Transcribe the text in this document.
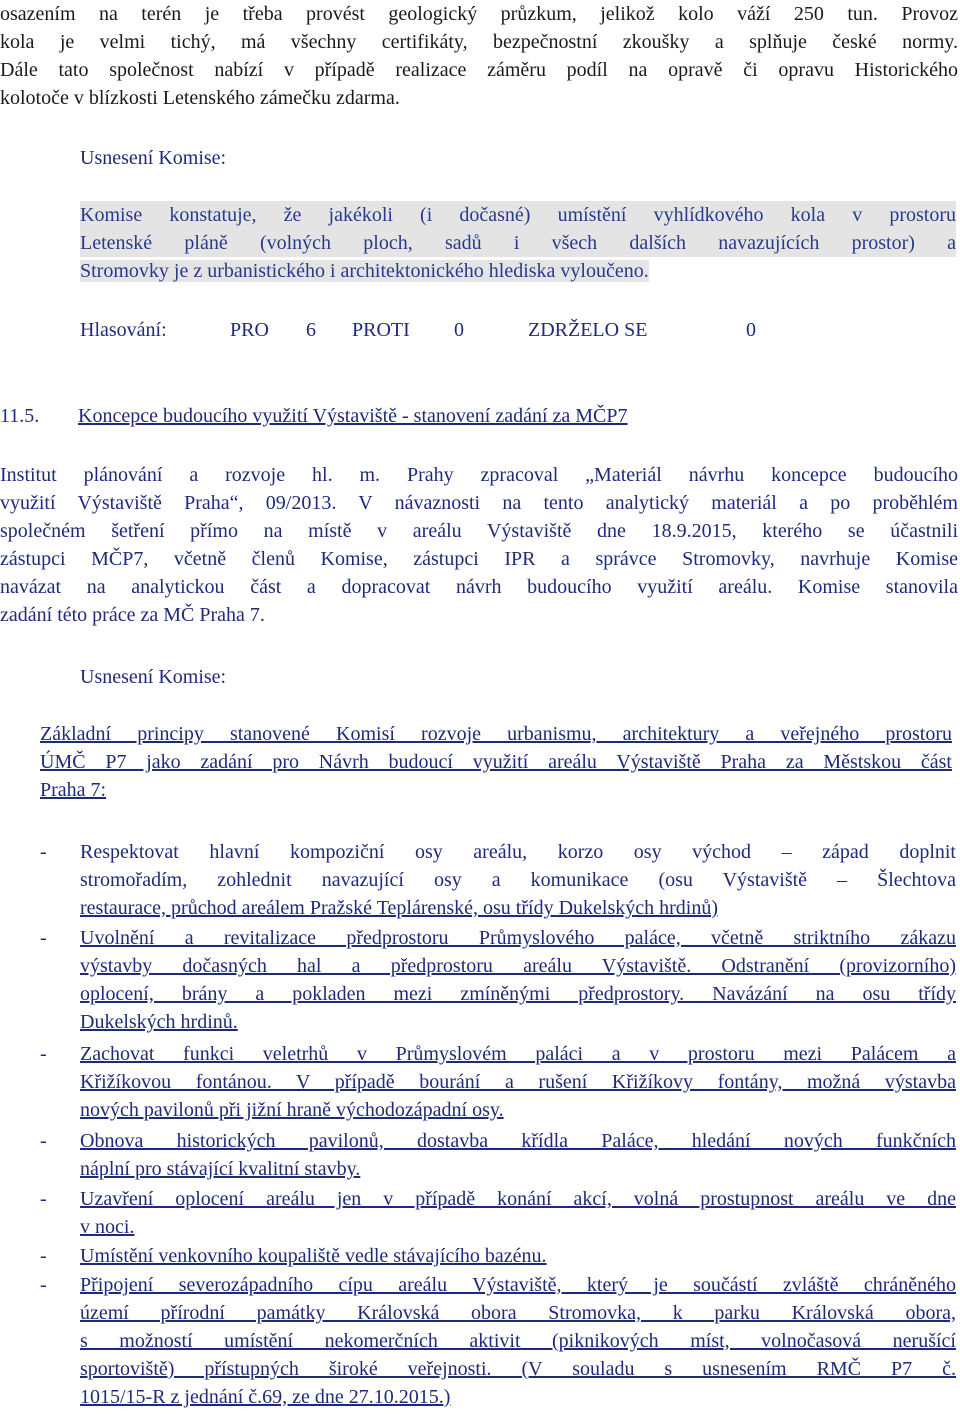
osazením na terén je třeba provést geologický průzkum, jelikož kolo váží 250 tun. Provoz
kola je velmi tichý, má všechny certifikáty, bezpečnostní zkoušky a splňuje české normy.
Dále tato společnost nabízí v případě realizace záměru podíl na opravě či opravu Historického
kolotoče v blízkosti Letenského zámečku zdarma.
Usnesení Komise:
Komise konstatuje, že jakékoli (i dočasné) umístění vyhlídkového kola v prostoru
Letenské pláně (volných ploch, sadů i všech dalších navazujících prostor) a
Stromovky je z urbanistického i architektonického hlediska vyloučeno.
Hlasování:	PRO 6 PROTI 0	ZDRŽELO SE	0
11.5. Koncepce budoucího využití Výstaviště - stanovení zadání za MČP7
Institut plánování a rozvoje hl. m. Prahy zpracoval „Materiál návrhu koncepce budoucího
využití Výstaviště Praha“, 09/2013. V návaznosti na tento analytický materiál a po proběhlém
společném šetření přímo na místě v areálu Výstaviště dne 18.9.2015, kterého se účastnili
zástupci MČP7, včetně členů Komise, zástupci IPR a správce Stromovky, navrhuje Komise
navázat na analytickou část a dopracovat návrh budoucího využití areálu. Komise stanovila
zadání této práce za MČ Praha 7.
Usnesení Komise:
Základní principy stanovené Komisí rozvoje urbanismu, architektury a veřejného prostoru
ÚMČ P7 jako zadání pro Návrh budoucí využití areálu Výstaviště Praha za Městskou část
Praha 7:
- Respektovat hlavní kompoziční osy areálu, korzo osy východ – západ doplnit
stromořadím, zohlednit navazující osy a komunikace (osu Výstaviště – Šlechtova
restaurace, průchod areálem Pražské Teplárenské, osu třídy Dukelských hrdinů)
- Uvolnění a revitalizace předprostoru Průmyslového paláce, včetně striktního zákazu
výstavby dočasných hal a předprostoru areálu Výstaviště. Odstranění (provizorního)
oplocení, brány a pokladen mezi zmíněnými předprostory. Navázání na osu třídy
Dukelských hrdinů.
- Zachovat funkci veletrhů v Průmyslovém paláci a v prostoru mezi Palácem a
Křižíkovou fontánou. V případě bourání a rušení Křižíkovy fontány, možná výstavba
nových pavilonů při jižní hraně východozápadní osy.
- Obnova historických pavilonů, dostavba křídla Paláce, hledání nových funkčních
náplní pro stávající kvalitní stavby.
- Uzavření oplocení areálu jen v případě konání akcí, volná prostupnost areálu ve dne
v noci.
- Umístění venkovního koupaliště vedle stávajícího bazénu.
- Připojení severozápadního cípu areálu Výstaviště, který je součástí zvláště chráněného
území přírodní památky Královská obora Stromovka, k parku Královská obora,
s možností umístění nekomerčních aktivit (piknikových míst, volnočasová nerušící
sportoviště) přístupných široké veřejnosti. (V souladu s usnesením RMČ P7 č.
1015/15-R z jednání č.69, ze dne 27.10.2015.)
